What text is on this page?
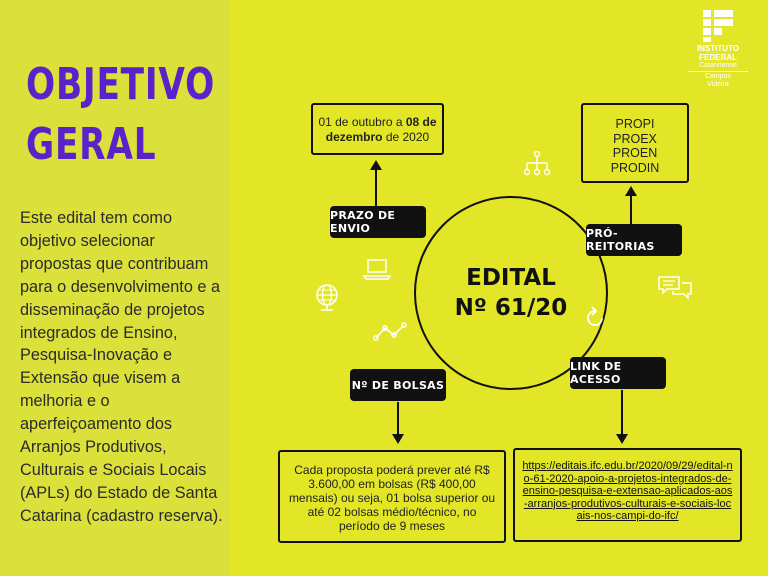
OBJETIVO
GERAL
Este edital tem como objetivo selecionar propostas que contribuam para o desenvolvimento e a disseminação de projetos integrados de Ensino, Pesquisa-Inovação e Extensão que visem a melhoria e o aperfeiçoamento dos Arranjos Produtivos, Culturais e Sociais Locais (APLs) do Estado de Santa Catarina (cadastro reserva).
INSTITUTO
FEDERAL
Catarinense
Campus
Videira
EDITAL
Nº 61/20
01 de outubro a 08 de dezembro de 2020
PRAZO DE ENVIO
PROPI
PROEX
PROEN
PRODIN
PRÓ-REITORIAS
Nº DE BOLSAS
Cada proposta poderá prever até R$ 3.600,00 em bolsas (R$ 400,00 mensais) ou seja, 01 bolsa superior ou até 02 bolsas médio/técnico, no período de 9 meses
LINK DE ACESSO
https://editais.ifc.edu.br/2020/09/29/edital-no-61-2020-apoio-a-projetos-integrados-de-ensino-pesquisa-e-extensao-aplicados-aos-arranjos-produtivos-culturais-e-sociais-locais-nos-campi-do-ifc/
